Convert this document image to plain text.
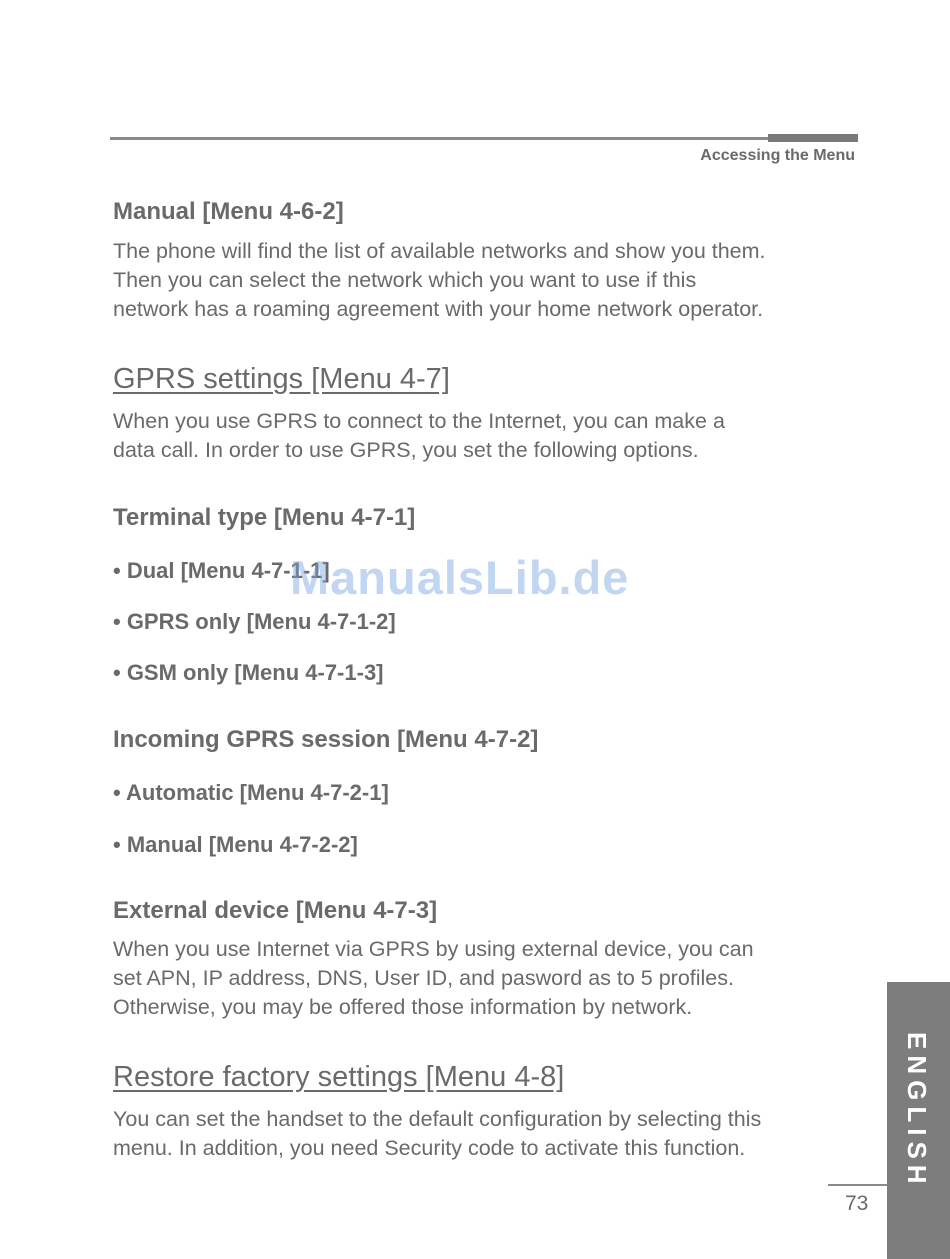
Accessing the Menu
Manual [Menu 4-6-2]
The phone will find the list of available networks and show you them.
Then you can select the network which you want to use if this
network has a roaming agreement with your home network operator.
GPRS settings [Menu 4-7]
When you use GPRS to connect to the Internet, you can make a
data call. In order to use GPRS, you set the following options.
Terminal type [Menu 4-7-1]
• Dual [Menu 4-7-1-1]
• GPRS only [Menu 4-7-1-2]
• GSM only [Menu 4-7-1-3]
Incoming GPRS session [Menu 4-7-2]
• Automatic [Menu 4-7-2-1]
• Manual [Menu 4-7-2-2]
External device [Menu 4-7-3]
When you use Internet via GPRS by using external device, you can
set APN, IP address, DNS, User ID, and pasword as to 5 profiles.
Otherwise, you may be offered those information by network.
Restore factory settings [Menu 4-8]
You can set the handset to the default configuration by selecting this
menu. In addition, you need Security code to activate this function.
ManualsLib.de
ENGLISH
73
